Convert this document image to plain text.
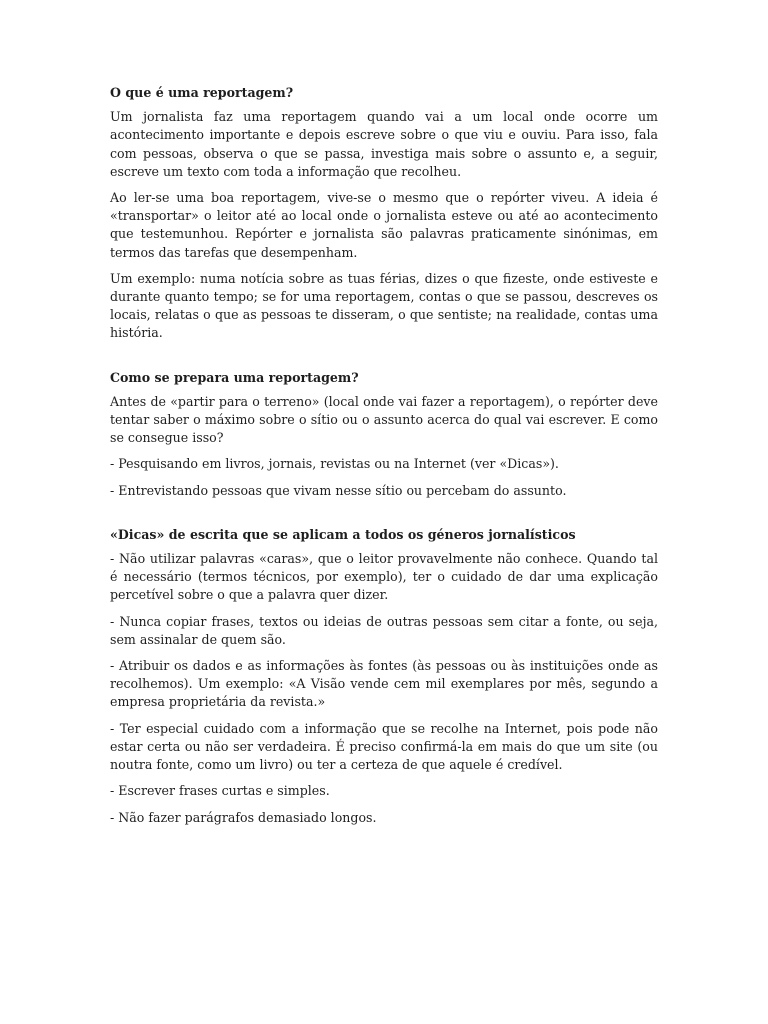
O que é uma reportagem?

Um jornalista faz uma reportagem quando vai a um local onde ocorre um acontecimento importante e depois escreve sobre o que viu e ouviu. Para isso, fala com pessoas, observa o que se passa, investiga mais sobre o assunto e, a seguir, escreve um texto com toda a informação que recolheu.

Ao ler-se uma boa reportagem, vive-se o mesmo que o repórter viveu. A ideia é «transportar» o leitor até ao local onde o jornalista esteve ou até ao acontecimento que testemunhou. Repórter e jornalista são palavras praticamente sinónimas, em termos das tarefas que desempenham.

Um exemplo: numa notícia sobre as tuas férias, dizes o que fizeste, onde estiveste e durante quanto tempo; se for uma reportagem, contas o que se passou, descreves os locais, relatas o que as pessoas te disseram, o que sentiste; na realidade, contas uma história.

Como se prepara uma reportagem?

Antes de «partir para o terreno» (local onde vai fazer a reportagem), o repórter deve tentar saber o máximo sobre o sítio ou o assunto acerca do qual vai escrever. E como se consegue isso?

- Pesquisando em livros, jornais, revistas ou na Internet (ver «Dicas»).

- Entrevistando pessoas que vivam nesse sítio ou percebam do assunto.

«Dicas» de escrita que se aplicam a todos os géneros jornalísticos

- Não utilizar palavras «caras», que o leitor provavelmente não conhece. Quando tal é necessário (termos técnicos, por exemplo), ter o cuidado de dar uma explicação percetível sobre o que a palavra quer dizer.

- Nunca copiar frases, textos ou ideias de outras pessoas sem citar a fonte, ou seja, sem assinalar de quem são.

- Atribuir os dados e as informações às fontes (às pessoas ou às instituições onde as recolhemos). Um exemplo: «A Visão vende cem mil exemplares por mês, segundo a empresa proprietária da revista.»

- Ter especial cuidado com a informação que se recolhe na Internet, pois pode não estar certa ou não ser verdadeira. É preciso confirmá-la em mais do que um site (ou noutra fonte, como um livro) ou ter a certeza de que aquele é credível.

- Escrever frases curtas e simples.

- Não fazer parágrafos demasiado longos.
